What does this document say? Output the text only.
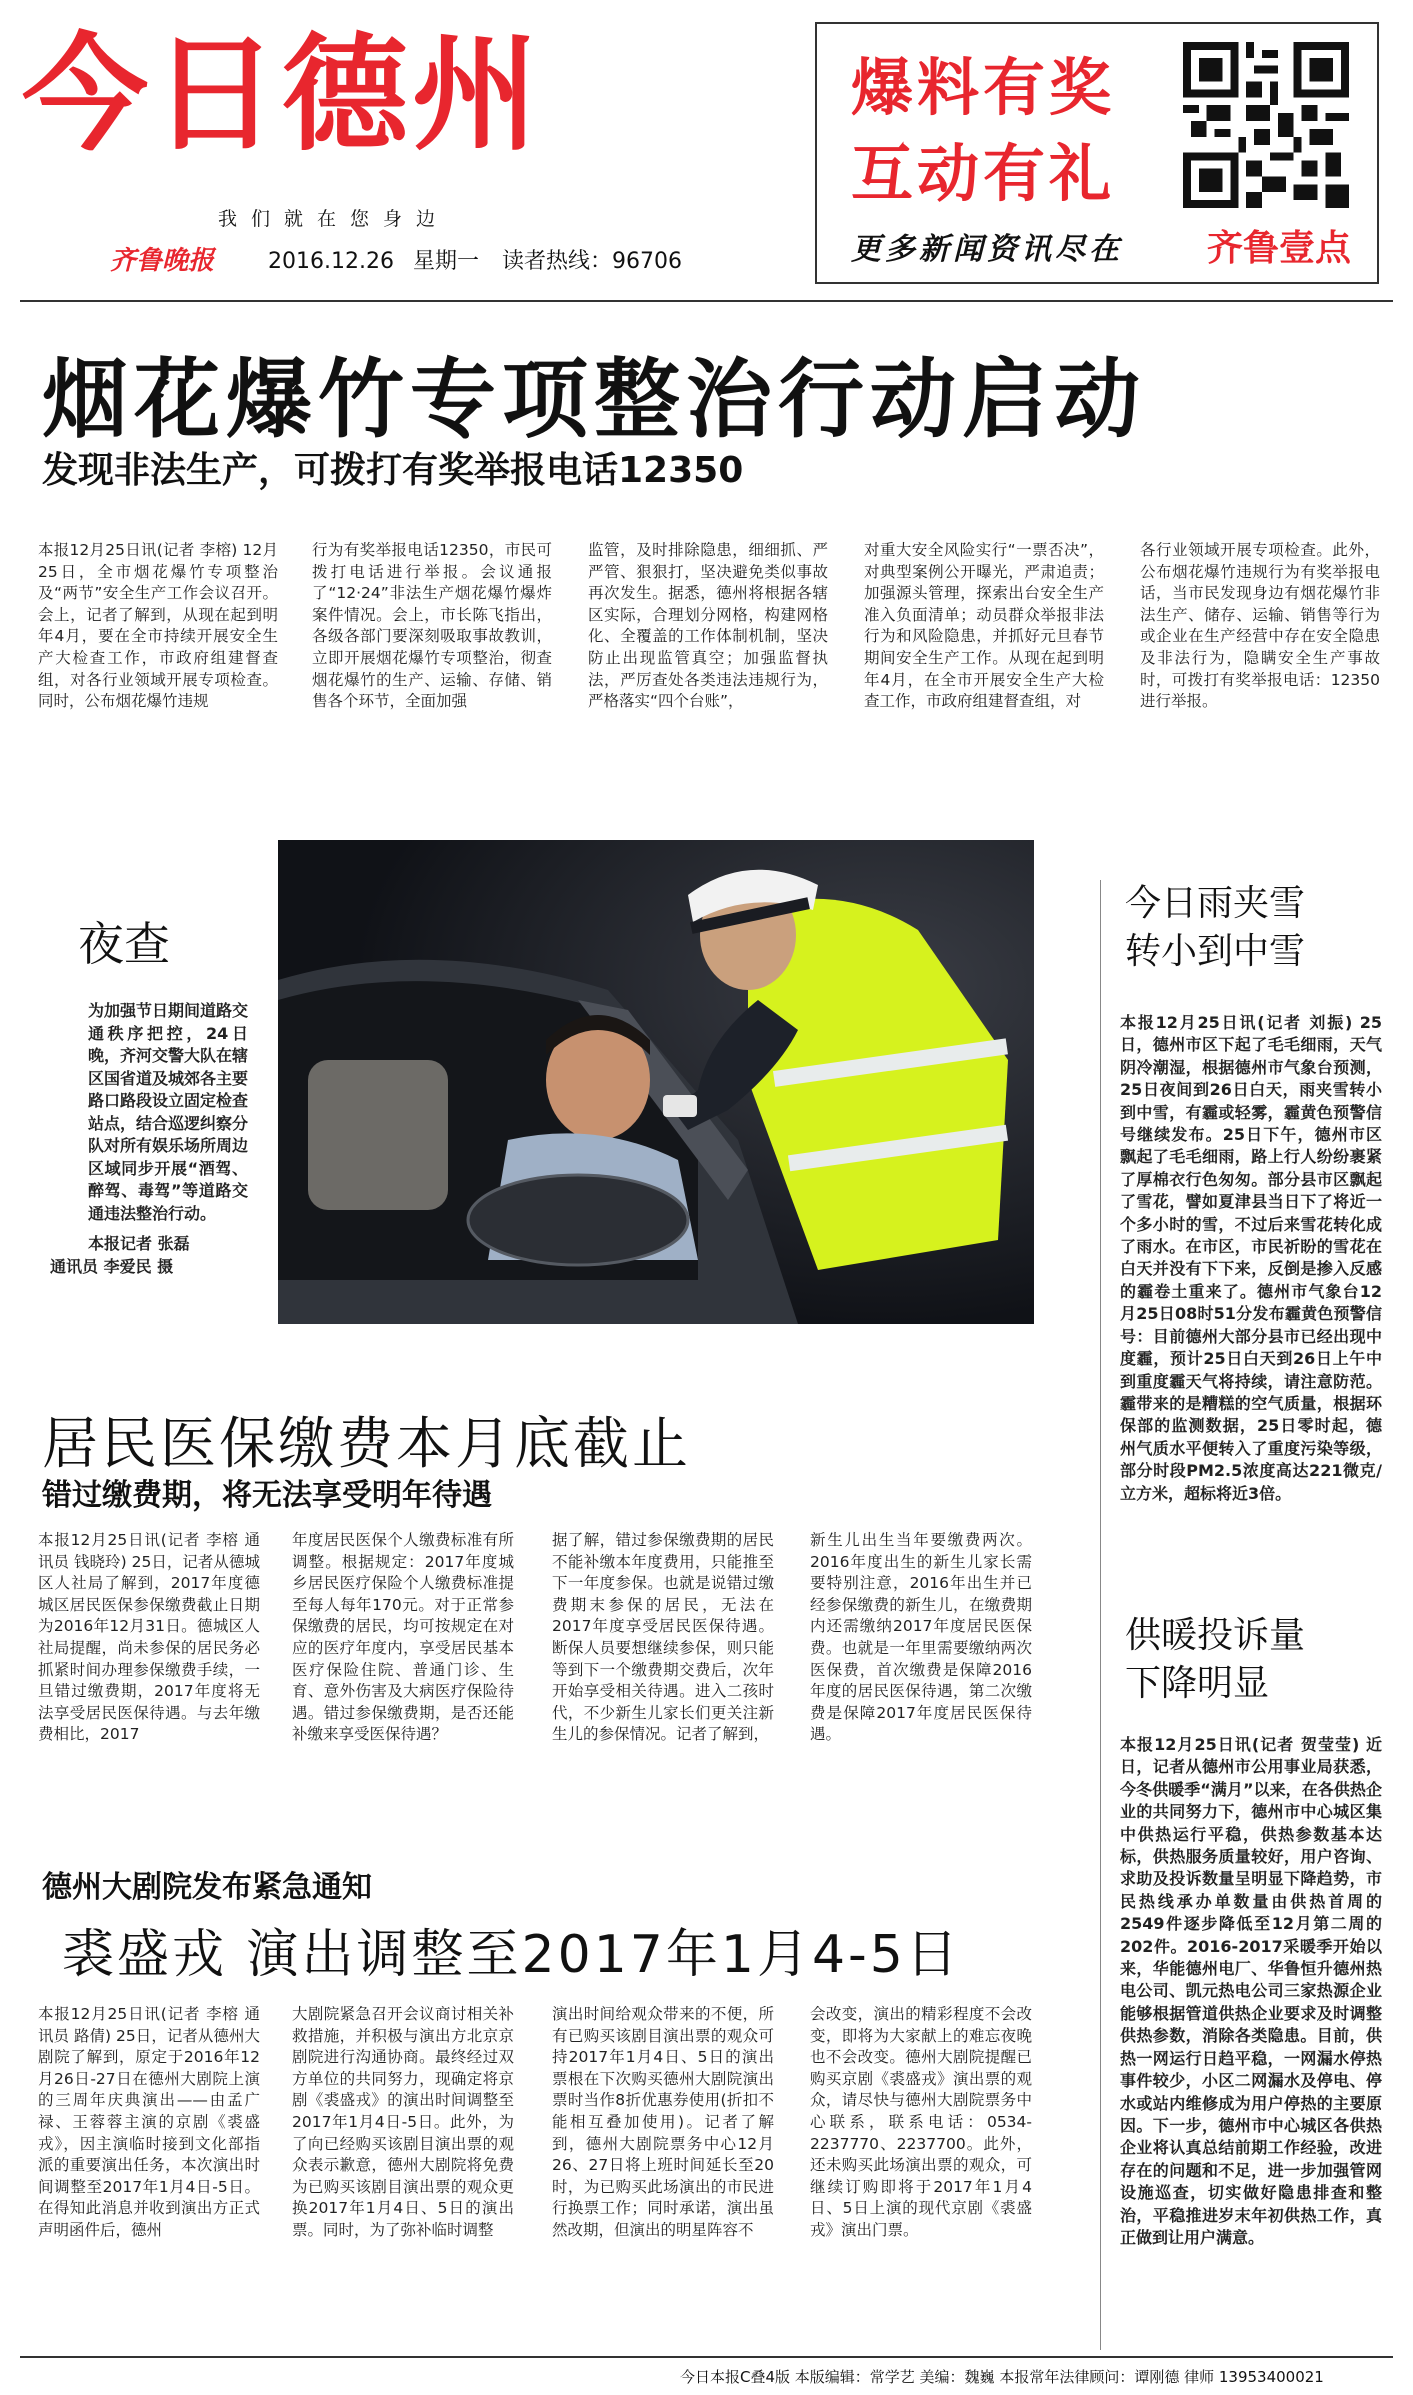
今日德州
我们就在您身边
齐鲁晚报 2016.12.26 星期一 读者热线：96706
爆料有奖
互动有礼
更多新闻资讯尽在 齐鲁壹点
烟花爆竹专项整治行动启动
发现非法生产，可拨打有奖举报电话12350
本报12月25日讯(记者 李榕) 12月25日，全市烟花爆竹专项整治及“两节”安全生产工作会议召开。会上，记者了解到，从现在起到明年4月，要在全市持续开展安全生产大检查工作，市政府组建督查组，对各行业领域开展专项检查。同时，公布烟花爆竹违规
行为有奖举报电话12350，市民可拨打电话进行举报。会议通报了“12·24”非法生产烟花爆竹爆炸案件情况。会上，市长陈飞指出，各级各部门要深刻吸取事故教训，立即开展烟花爆竹专项整治，彻查烟花爆竹的生产、运输、存储、销售各个环节，全面加强
监管，及时排除隐患，细细抓、严严管、狠狠打，坚决避免类似事故再次发生。据悉，德州将根据各辖区实际，合理划分网格，构建网格化、全覆盖的工作体制机制，坚决防止出现监管真空；加强监督执法，严厉查处各类违法违规行为，严格落实“四个台账”，
对重大安全风险实行“一票否决”，对典型案例公开曝光，严肃追责；加强源头管理，探索出台安全生产准入负面清单；动员群众举报非法行为和风险隐患，并抓好元旦春节期间安全生产工作。从现在起到明年4月，在全市开展安全生产大检查工作，市政府组建督查组，对
各行业领域开展专项检查。此外，公布烟花爆竹违规行为有奖举报电话，当市民发现身边有烟花爆竹非法生产、储存、运输、销售等行为或企业在生产经营中存在安全隐患及非法行为，隐瞒安全生产事故时，可拨打有奖举报电话：12350进行举报。
夜查
为加强节日期间道路交通秩序把控，24日晚，齐河交警大队在辖区国省道及城郊各主要路口路段设立固定检查站点，结合巡逻纠察分队对所有娱乐场所周边区域同步开展“酒驾、醉驾、毒驾”等道路交通违法整治行动。
本报记者 张磊
通讯员 李爱民 摄
今日雨夹雪
转小到中雪
本报12月25日讯(记者 刘振) 25日，德州市区下起了毛毛细雨，天气阴冷潮湿，根据德州市气象台预测，25日夜间到26日白天，雨夹雪转小到中雪，有霾或轻雾，霾黄色预警信号继续发布。25日下午，德州市区飘起了毛毛细雨，路上行人纷纷裹紧了厚棉衣行色匆匆。部分县市区飘起了雪花，譬如夏津县当日下了将近一个多小时的雪，不过后来雪花转化成了雨水。在市区，市民祈盼的雪花在白天并没有下下来，反倒是掺入反感的霾卷土重来了。德州市气象台12月25日08时51分发布霾黄色预警信号：目前德州大部分县市已经出现中度霾，预计25日白天到26日上午中到重度霾天气将持续，请注意防范。霾带来的是糟糕的空气质量，根据环保部的监测数据，25日零时起，德州气质水平便转入了重度污染等级，部分时段PM2.5浓度高达221微克/立方米，超标将近3倍。
供暖投诉量
下降明显
本报12月25日讯(记者 贺莹莹) 近日，记者从德州市公用事业局获悉，今冬供暖季“满月”以来，在各供热企业的共同努力下，德州市中心城区集中供热运行平稳，供热参数基本达标，供热服务质量较好，用户咨询、求助及投诉数量呈明显下降趋势，市民热线承办单数量由供热首周的2549件逐步降低至12月第二周的202件。2016-2017采暖季开始以来，华能德州电厂、华鲁恒升德州热电公司、凯元热电公司三家热源企业能够根据管道供热企业要求及时调整供热参数，消除各类隐患。目前，供热一网运行日趋平稳，一网漏水停热事件较少，小区二网漏水及停电、停水或站内维修成为用户停热的主要原因。下一步，德州市中心城区各供热企业将认真总结前期工作经验，改进存在的问题和不足，进一步加强管网设施巡查，切实做好隐患排查和整治，平稳推进岁末年初供热工作，真正做到让用户满意。
居民医保缴费本月底截止
错过缴费期，将无法享受明年待遇
本报12月25日讯(记者 李榕 通讯员 钱晓玲) 25日，记者从德城区人社局了解到，2017年度德城区居民医保参保缴费截止日期为2016年12月31日。德城区人社局提醒，尚未参保的居民务必抓紧时间办理参保缴费手续，一旦错过缴费期，2017年度将无法享受居民医保待遇。与去年缴费相比，2017
年度居民医保个人缴费标准有所调整。根据规定：2017年度城乡居民医疗保险个人缴费标准提至每人每年170元。对于正常参保缴费的居民，均可按规定在对应的医疗年度内，享受居民基本医疗保险住院、普通门诊、生育、意外伤害及大病医疗保险待遇。错过参保缴费期，是否还能补缴来享受医保待遇？
据了解，错过参保缴费期的居民不能补缴本年度费用，只能推至下一年度参保。也就是说错过缴费期末参保的居民，无法在2017年度享受居民医保待遇。断保人员要想继续参保，则只能等到下一个缴费期交费后，次年开始享受相关待遇。进入二孩时代，不少新生儿家长们更关注新生儿的参保情况。记者了解到，
新生儿出生当年要缴费两次。2016年度出生的新生儿家长需要特别注意，2016年出生并已经参保缴费的新生儿，在缴费期内还需缴纳2017年度居民医保费。也就是一年里需要缴纳两次医保费，首次缴费是保障2016年度的居民医保待遇，第二次缴费是保障2017年度居民医保待遇。
德州大剧院发布紧急通知
裘盛戎 演出调整至2017年1月4-5日
本报12月25日讯(记者 李榕 通讯员 路倩) 25日，记者从德州大剧院了解到，原定于2016年12月26日-27日在德州大剧院上演的三周年庆典演出——由孟广禄、王蓉蓉主演的京剧《裘盛戎》，因主演临时接到文化部指派的重要演出任务，本次演出时间调整至2017年1月4日-5日。在得知此消息并收到演出方正式声明函件后，德州
大剧院紧急召开会议商讨相关补救措施，并积极与演出方北京京剧院进行沟通协商。最终经过双方单位的共同努力，现确定将京剧《裘盛戎》的演出时间调整至2017年1月4日-5日。此外，为了向已经购买该剧目演出票的观众表示歉意，德州大剧院将免费为已购买该剧目演出票的观众更换2017年1月4日、5日的演出票。同时，为了弥补临时调整
演出时间给观众带来的不便，所有已购买该剧目演出票的观众可持2017年1月4日、5日的演出票根在下次购买德州大剧院演出票时当作8折优惠券使用(折扣不能相互叠加使用)。记者了解到，德州大剧院票务中心12月26、27日将上班时间延长至20时，为已购买此场演出的市民进行换票工作；同时承诺，演出虽然改期，但演出的明星阵容不
会改变，演出的精彩程度不会改变，即将为大家献上的难忘夜晚也不会改变。德州大剧院提醒已购买京剧《裘盛戎》演出票的观众，请尽快与德州大剧院票务中心联系，联系电话：0534-2237770、2237700。此外，还未购买此场演出票的观众，可继续订购即将于2017年1月4日、5日上演的现代京剧《裘盛戎》演出门票。
今日本报C叠4版 本版编辑：常学艺 美编：魏巍 本报常年法律顾问：谭刚德 律师 13953400021
